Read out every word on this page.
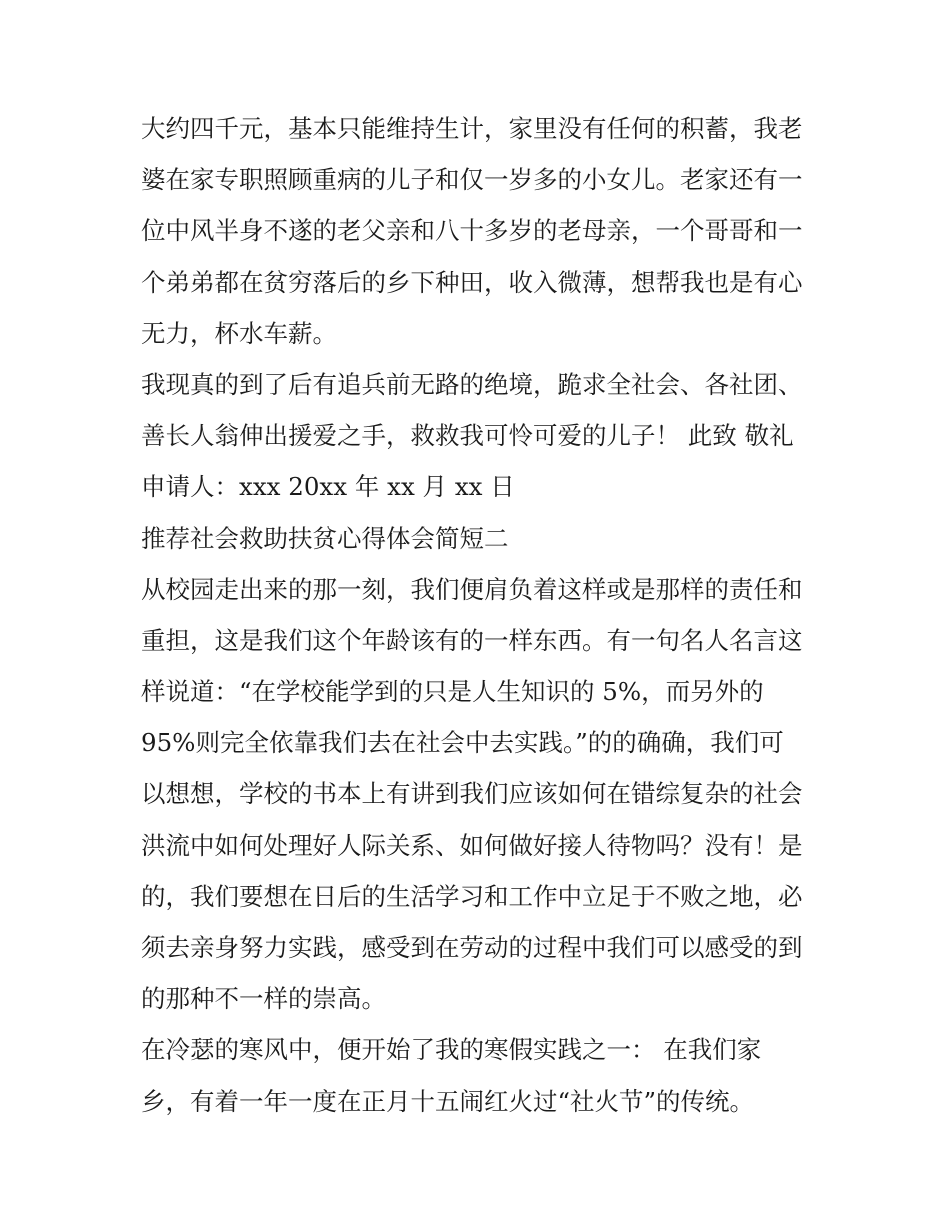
大约四千元，基本只能维持生计，家里没有任何的积蓄，我老
婆在家专职照顾重病的儿子和仅一岁多的小女儿。老家还有一
位中风半身不遂的老父亲和八十多岁的老母亲，一个哥哥和一
个弟弟都在贫穷落后的乡下种田，收入微薄，想帮我也是有心
无力，杯水车薪。
我现真的到了后有追兵前无路的绝境，跪求全社会、各社团、
善长人翁伸出援爱之手，救救我可怜可爱的儿子！ 此致 敬礼
申请人：xxx 20xx 年 xx 月 xx 日
推荐社会救助扶贫心得体会简短二
从校园走出来的那一刻，我们便肩负着这样或是那样的责任和
重担，这是我们这个年龄该有的一样东西。有一句名人名言这
样说道：“在学校能学到的只是人生知识的 5%，而另外的
95%则完全依靠我们去在社会中去实践。”的的确确，我们可
以想想，学校的书本上有讲到我们应该如何在错综复杂的社会
洪流中如何处理好人际关系、如何做好接人待物吗？没有！是
的，我们要想在日后的生活学习和工作中立足于不败之地，必
须去亲身努力实践，感受到在劳动的过程中我们可以感受的到
的那种不一样的崇高。
在冷瑟的寒风中，便开始了我的寒假实践之一： 在我们家
乡，有着一年一度在正月十五闹红火过“社火节”的传统。
